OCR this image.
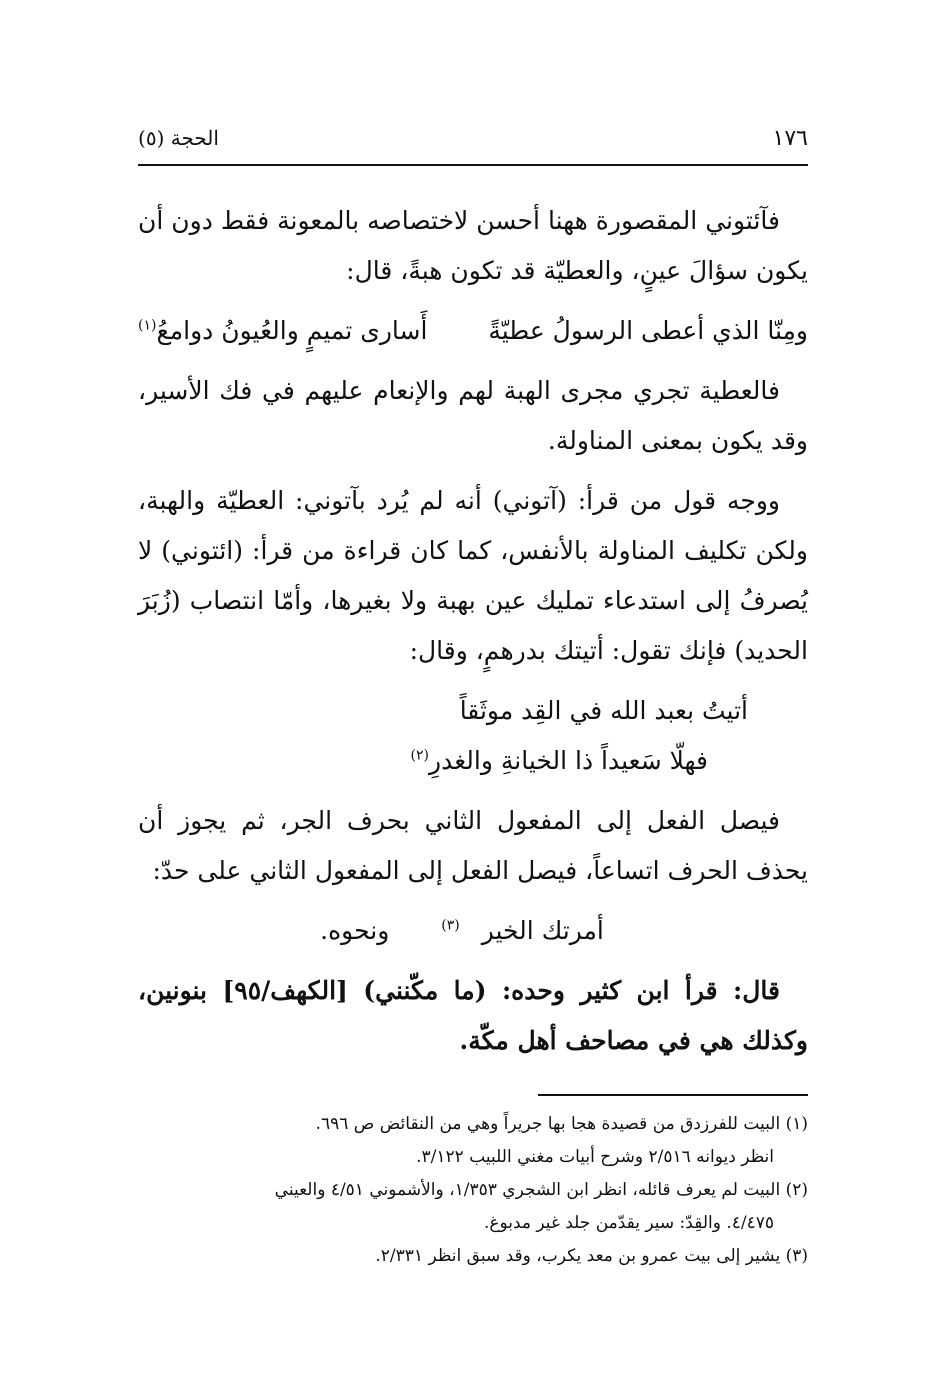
١٧٦
الحجة (٥)

فآئتوني المقصورة ههنا أحسن لاختصاصه بالمعونة فقط دون أن يكون سؤالَ عينٍ، والعطيّة قد تكون هبةً، قال:

ومِنّا الذي أعطى الرسولُ عطيّةً
أَسارى تميمٍ والعُيونُ دوامعُ$^{(١)}$

فالعطية تجري مجرى الهبة لهم والإنعام عليهم في فك الأسير، وقد يكون بمعنى المناولة.

ووجه قول من قرأ: (آتوني) أنه لم يُرد بآتوني: العطيّة والهبة، ولكن تكليف المناولة بالأنفس، كما كان قراءة من قرأ: (ائتوني) لا يُصرفُ إلى استدعاء تمليك عين بهبة ولا بغيرها، وأمّا انتصاب (زُبَرَ الحديد) فإنك تقول: أتيتك بدرهمٍ، وقال:

أتيتُ بعبد الله في القِد موثَقاً
فهلّا سَعيداً ذا الخيانةِ والغدرِ$^{(٢)}$

فيصل الفعل إلى المفعول الثاني بحرف الجر، ثم يجوز أن يحذف الحرف اتساعاً، فيصل الفعل إلى المفعول الثاني على حدّ:

أمرتك الخير$^{(٣)}$ ونحوه.

قال: قرأ ابن كثير وحده: (ما مكّنني) [الكهف/٩٥] بنونين، وكذلك هي في مصاحف أهل مكّة.

(١) البيت للفرزدق من قصيدة هجا بها جريراً وهي من النقائض ص ٦٩٦.

انظر ديوانه ٢/٥١٦ وشرح أبيات مغني اللبيب ٣/١٢٢.

(٢) البيت لم يعرف قائله، انظر ابن الشجري ١/٣٥٣، والأشموني ٤/٥١ والعيني

٤/٤٧٥. والقِدّ: سير يقدّمن جلد غير مدبوغ.

(٣) يشير إلى بيت عمرو بن معد يكرب، وقد سبق انظر ٢/٣٣١.
